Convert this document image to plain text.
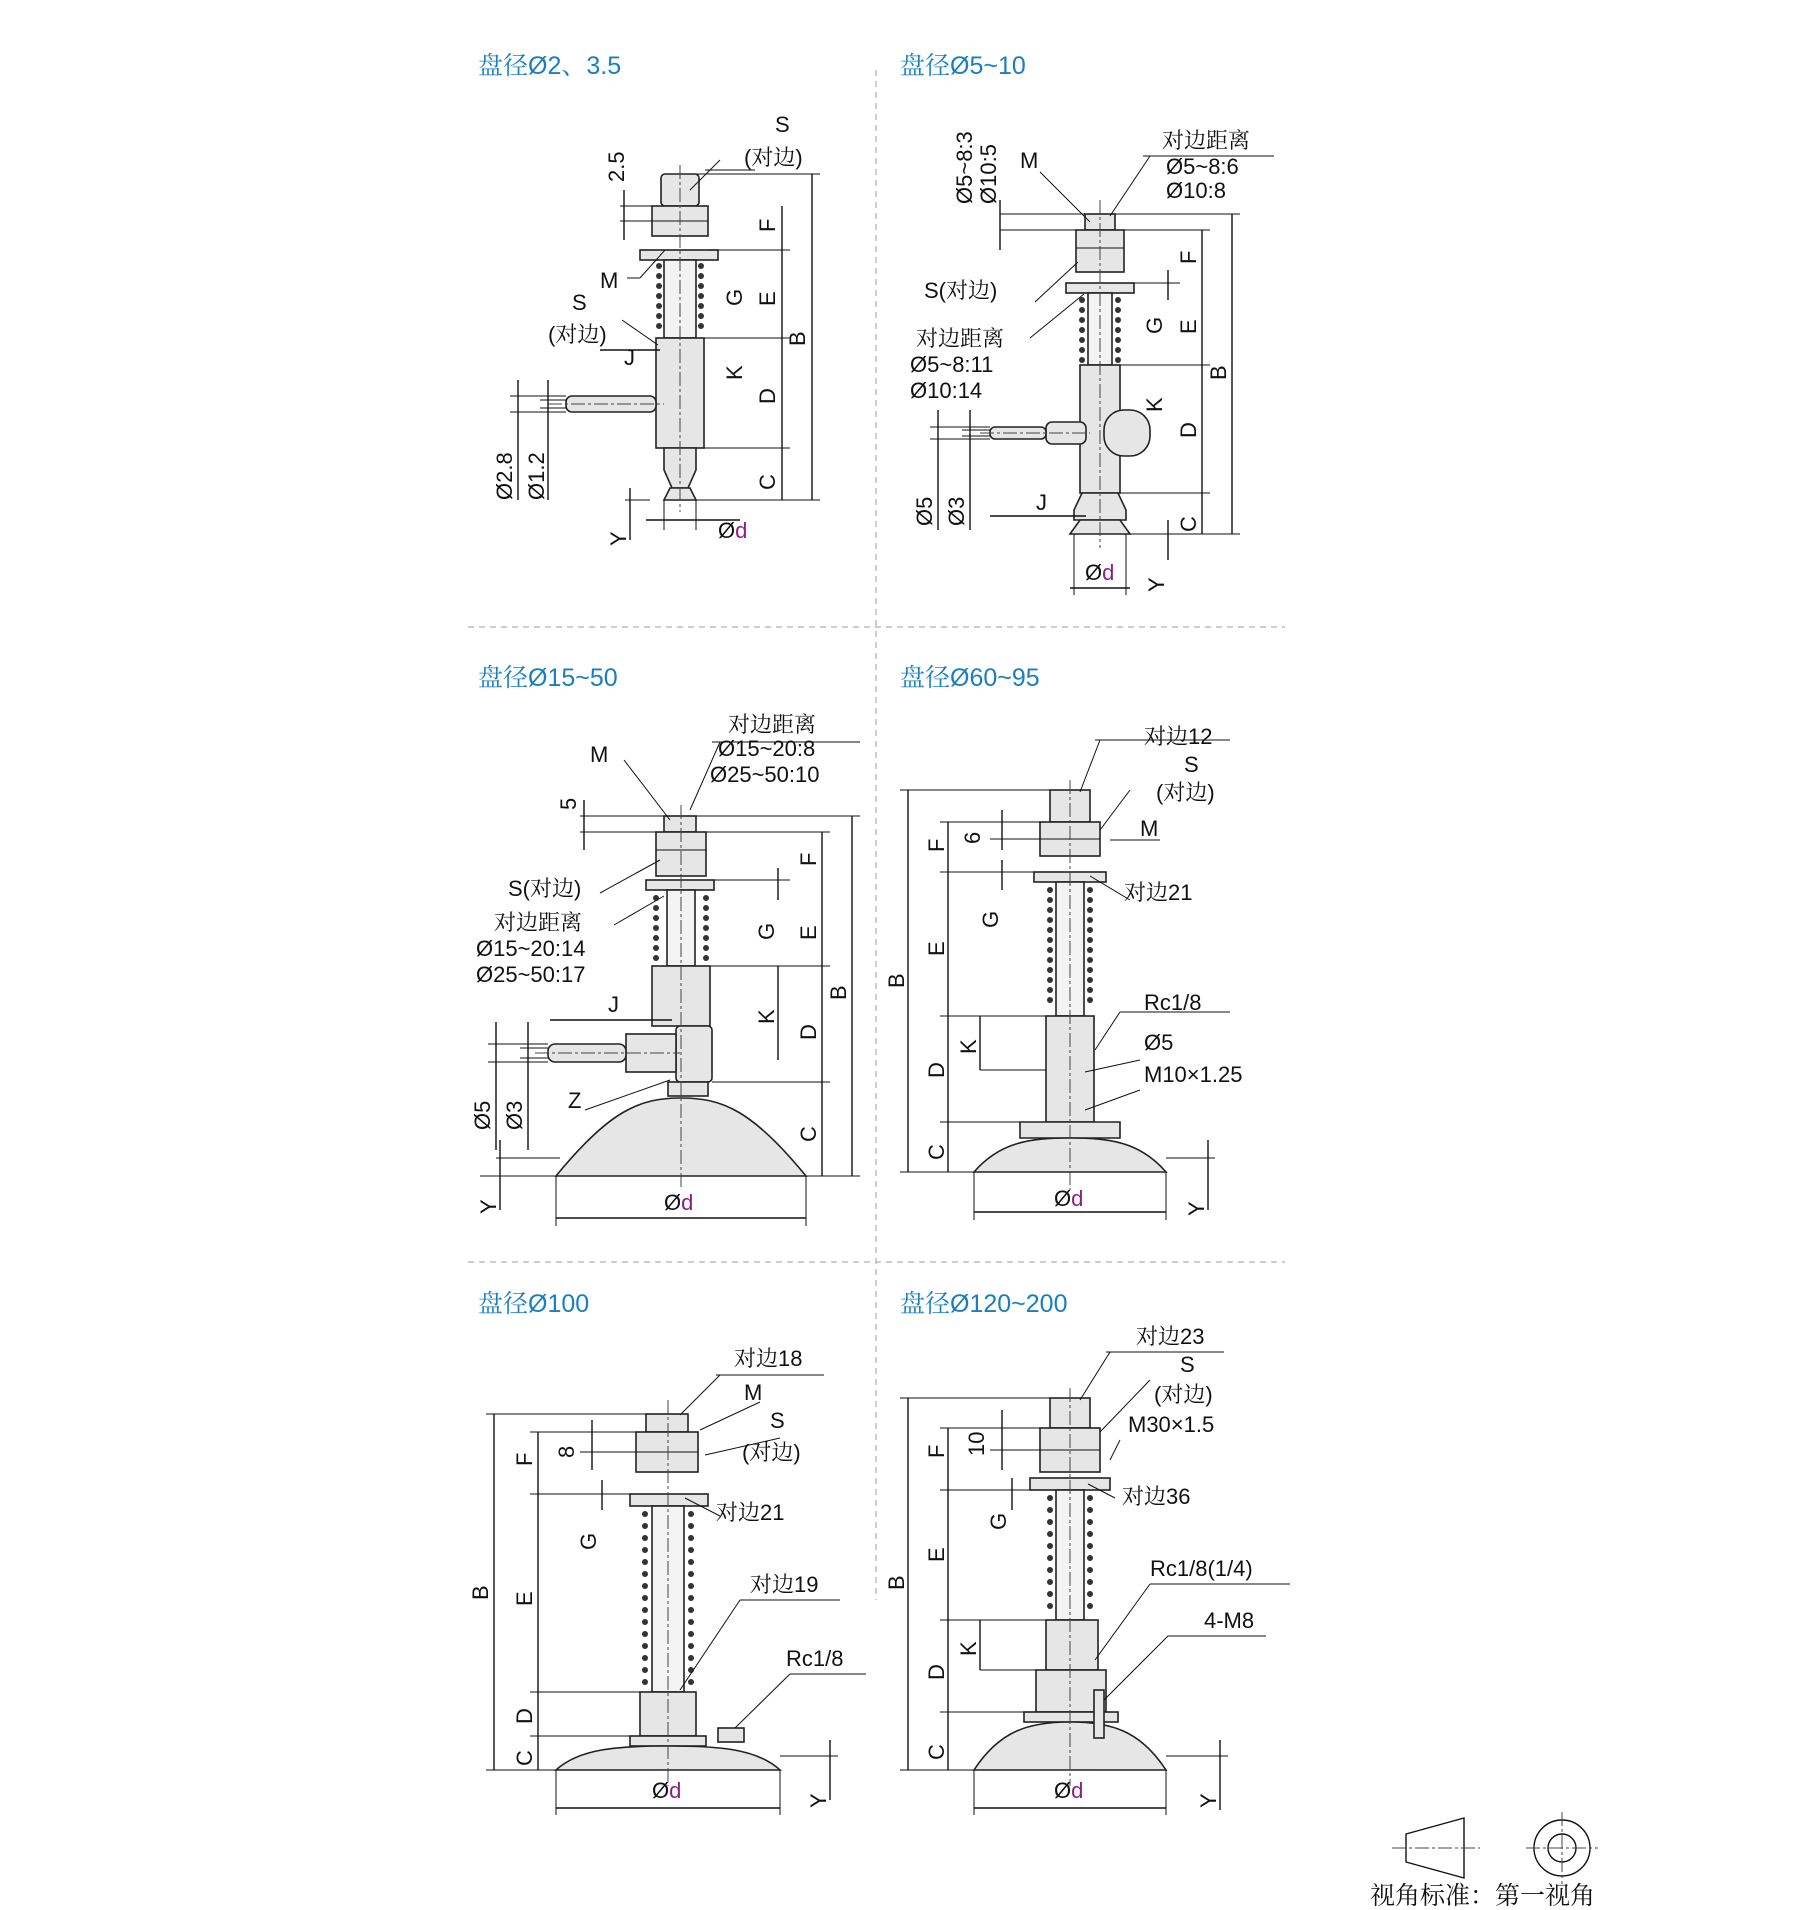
盘径Ø2、3.5
2.5
S
(对边)
M
S
(对边)
J
Ø2.8 Ø1.2
Y	Ød
F
G E
K
D
B
C
盘径Ø5~10
Ø5~8:3 Ø10:5 M
对边距离
Ø5~8:6
Ø10:8
S(对边)
对边距离
Ø5~8:11
Ø10:14
F
G E
K
D
B
J
Ø5 Ø3	C
Ød Y
盘径Ø15~50
M
对边距离
Ø15~20:8
Ø25~50:10
5
S(对边)
对边距离
Ø15~20:14
Ø25~50:17
J
F
G E
K
D
B
Ø5 Ø3
Z
C
Y	Ød
盘径Ø60~95
对边12
S
(对边)
M
对边21
6
F
G
E
B
Rc1/8
Ø5
M10×1.25
K
D
C
Ød	Y
盘径Ø100
对边18
M
S
(对边)
对边21
8
F
G
B E
对边19
Rc1/8
D
C
Ød	Y
盘径Ø120~200
对边23
S
(对边)
M30×1.5
对边36
10
F
G
E
B
Rc1/8(1/4)
4-M8
K
D
C
Ød	Y
视角标准：第一视角
